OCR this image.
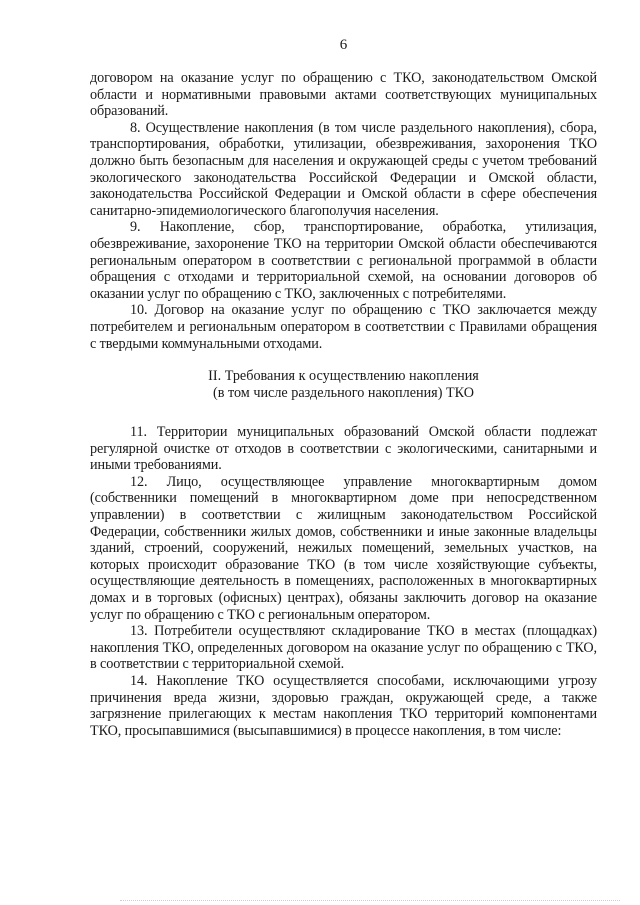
6

договором на оказание услуг по обращению с ТКО, законодательством Омской области и нормативными правовыми актами соответствующих муниципальных образований.

8. Осуществление накопления (в том числе раздельного накопления), сбора, транспортирования, обработки, утилизации, обезвреживания, захоронения ТКО должно быть безопасным для населения и окружающей среды с учетом требований экологического законодательства Российской Федерации и Омской области, законодательства Российской Федерации и Омской области в сфере обеспечения санитарно-эпидемиологического благополучия населения.

9. Накопление, сбор, транспортирование, обработка, утилизация, обезвреживание, захоронение ТКО на территории Омской области обеспечиваются региональным оператором в соответствии с региональной программой в области обращения с отходами и территориальной схемой, на основании договоров об оказании услуг по обращению с ТКО, заключенных с потребителями.

10. Договор на оказание услуг по обращению с ТКО заключается между потребителем и региональным оператором в соответствии с Правилами обращения с твердыми коммунальными отходами.

II. Требования к осуществлению накопления
(в том числе раздельного накопления) ТКО

11. Территории муниципальных образований Омской области подлежат регулярной очистке от отходов в соответствии с экологическими, санитарными и иными требованиями.

12. Лицо, осуществляющее управление многоквартирным домом (собственники помещений в многоквартирном доме при непосредственном управлении) в соответствии с жилищным законодательством Российской Федерации, собственники жилых домов, собственники и иные законные владельцы зданий, строений, сооружений, нежилых помещений, земельных участков, на которых происходит образование ТКО (в том числе хозяйствующие субъекты, осуществляющие деятельность в помещениях, расположенных в многоквартирных домах и в торговых (офисных) центрах), обязаны заключить договор на оказание услуг по обращению с ТКО с региональным оператором.

13. Потребители осуществляют складирование ТКО в местах (площадках) накопления ТКО, определенных договором на оказание услуг по обращению с ТКО, в соответствии с территориальной схемой.

14. Накопление ТКО осуществляется способами, исключающими угрозу причинения вреда жизни, здоровью граждан, окружающей среде, а также загрязнение прилегающих к местам накопления ТКО территорий компонентами ТКО, просыпавшимися (высыпавшимися) в процессе накопления, в том числе:
